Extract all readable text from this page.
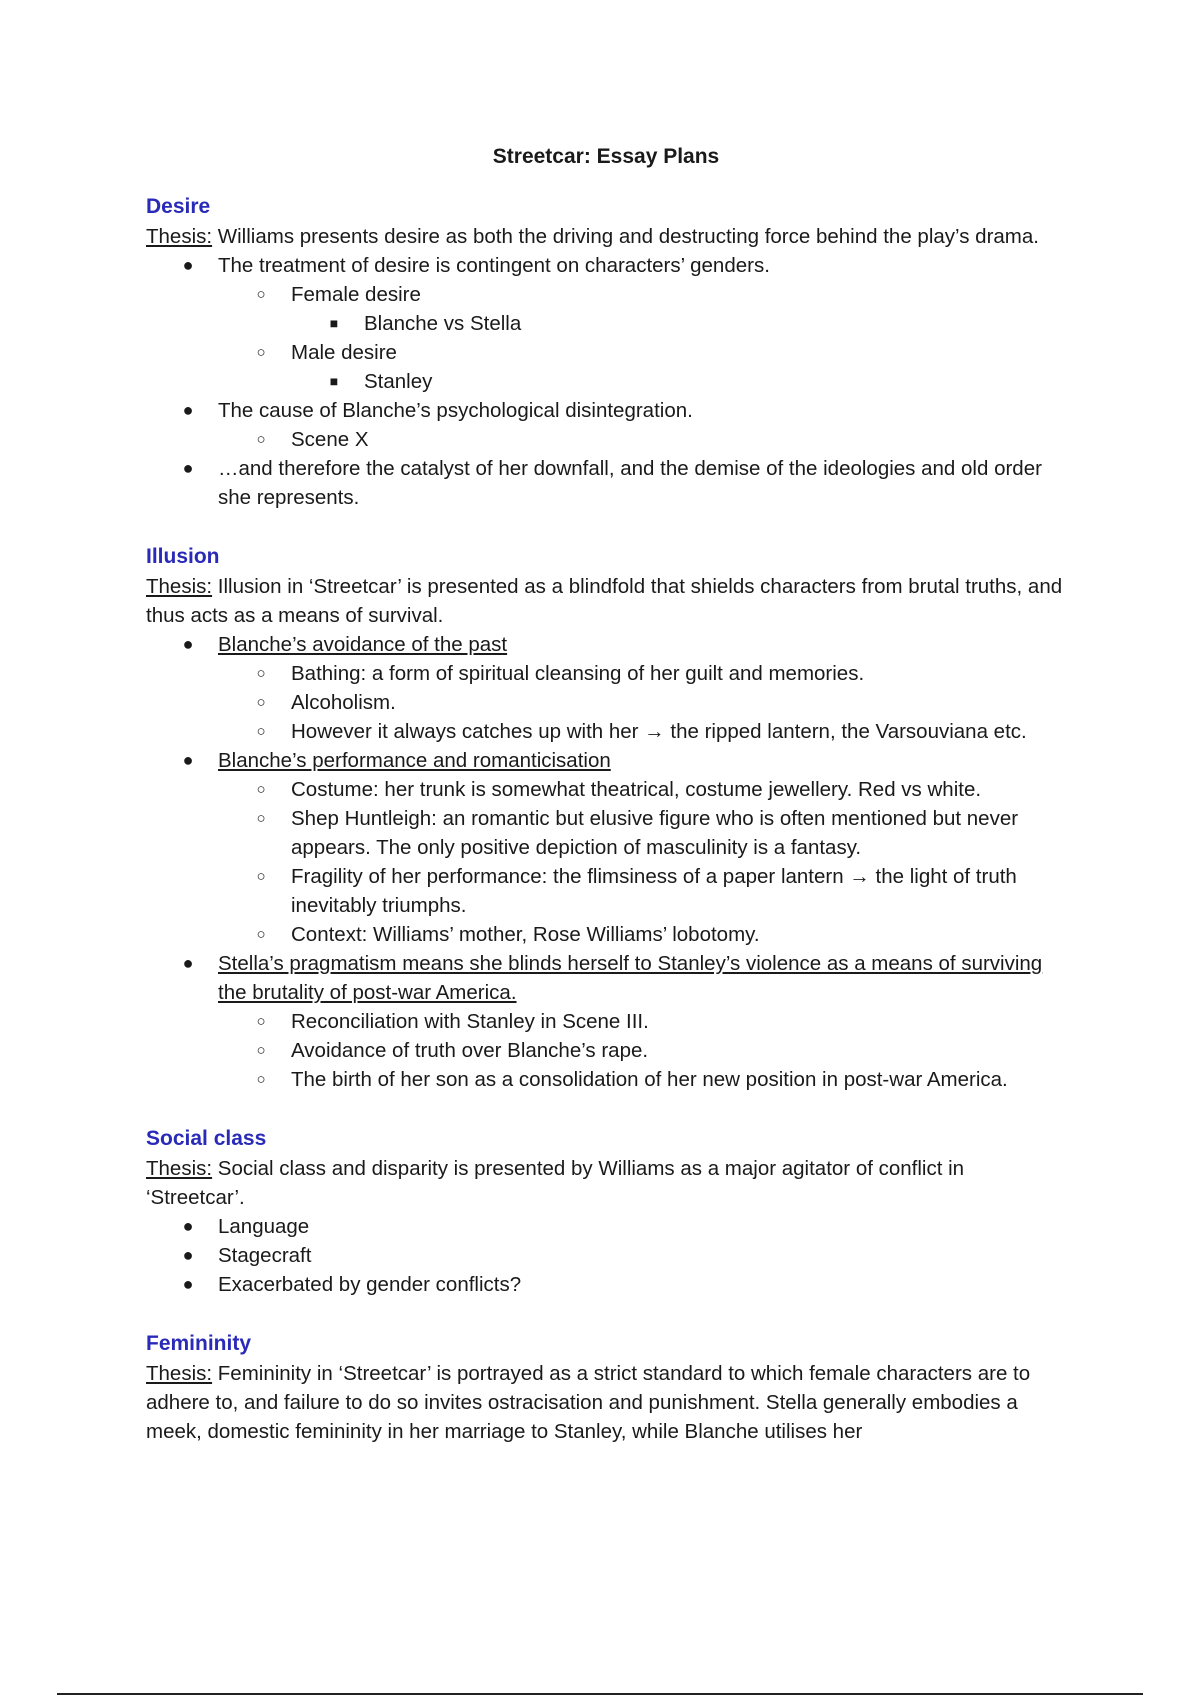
Streetcar: Essay Plans

Desire

Thesis: Williams presents desire as both the driving and destructing force behind the play’s drama.

● The treatment of desire is contingent on characters’ genders.
○ Female desire
■ Blanche vs Stella
○ Male desire
■ Stanley
● The cause of Blanche’s psychological disintegration.
○ Scene X
● …and therefore the catalyst of her downfall, and the demise of the ideologies and old order she represents.

Illusion

Thesis: Illusion in ‘Streetcar’ is presented as a blindfold that shields characters from brutal truths, and thus acts as a means of survival.

● Blanche’s avoidance of the past
○ Bathing: a form of spiritual cleansing of her guilt and memories.
○ Alcoholism.
○ However it always catches up with her → the ripped lantern, the Varsouviana etc.
● Blanche’s performance and romanticisation
○ Costume: her trunk is somewhat theatrical, costume jewellery. Red vs white.
○ Shep Huntleigh: an romantic but elusive figure who is often mentioned but never appears. The only positive depiction of masculinity is a fantasy.
○ Fragility of her performance: the flimsiness of a paper lantern → the light of truth inevitably triumphs.
○ Context: Williams’ mother, Rose Williams’ lobotomy.
● Stella’s pragmatism means she blinds herself to Stanley’s violence as a means of surviving the brutality of post-war America.
○ Reconciliation with Stanley in Scene III.
○ Avoidance of truth over Blanche’s rape.
○ The birth of her son as a consolidation of her new position in post-war America.

Social class

Thesis: Social class and disparity is presented by Williams as a major agitator of conflict in ‘Streetcar’.

● Language
● Stagecraft
● Exacerbated by gender conflicts?

Femininity

Thesis: Femininity in ‘Streetcar’ is portrayed as a strict standard to which female characters are to adhere to, and failure to do so invites ostracisation and punishment. Stella generally embodies a meek, domestic femininity in her marriage to Stanley, while Blanche utilises her
